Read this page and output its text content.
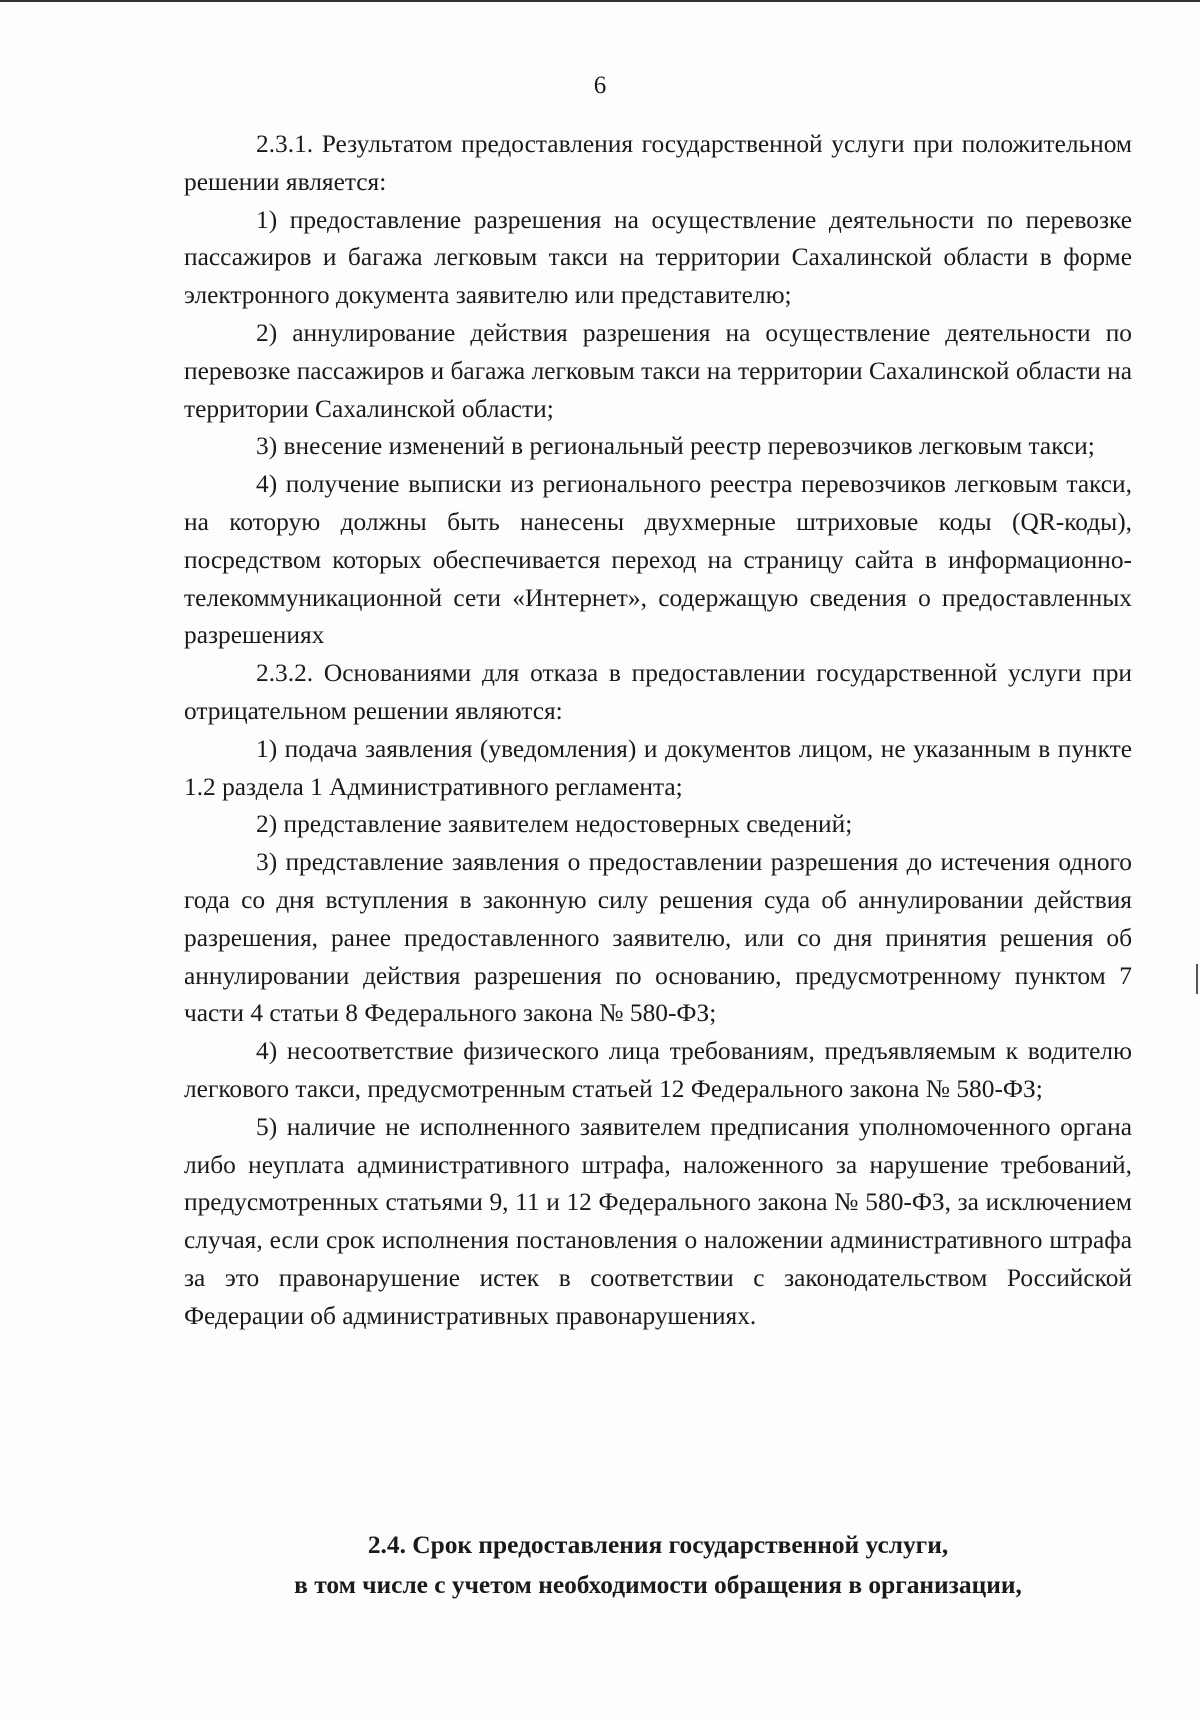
6

2.3.1. Результатом предоставления государственной услуги при положительном решении является:

1) предоставление разрешения на осуществление деятельности по перевозке пассажиров и багажа легковым такси на территории Сахалинской области в форме электронного документа заявителю или представителю;

2) аннулирование действия разрешения на осуществление деятельности по перевозке пассажиров и багажа легковым такси на территории Сахалинской области на территории Сахалинской области;

3) внесение изменений в региональный реестр перевозчиков легковым такси;

4) получение выписки из регионального реестра перевозчиков легковым такси, на которую должны быть нанесены двухмерные штриховые коды (QR-коды), посредством которых обеспечивается переход на страницу сайта в информационно-телекоммуникационной сети «Интернет», содержащую сведения о предоставленных разрешениях

2.3.2. Основаниями для отказа в предоставлении государственной услуги при отрицательном решении являются:

1) подача заявления (уведомления) и документов лицом, не указанным в пункте 1.2 раздела 1 Административного регламента;

2) представление заявителем недостоверных сведений;

3) представление заявления о предоставлении разрешения до истечения одного года со дня вступления в законную силу решения суда об аннулировании действия разрешения, ранее предоставленного заявителю, или со дня принятия решения об аннулировании действия разрешения по основанию, предусмотренному пунктом 7 части 4 статьи 8 Федерального закона № 580-ФЗ;

4) несоответствие физического лица требованиям, предъявляемым к водителю легкового такси, предусмотренным статьей 12 Федерального закона № 580-ФЗ;

5) наличие не исполненного заявителем предписания уполномоченного органа либо неуплата административного штрафа, наложенного за нарушение требований, предусмотренных статьями 9, 11 и 12 Федерального закона № 580-ФЗ, за исключением случая, если срок исполнения постановления о наложении административного штрафа за это правонарушение истек в соответствии с законодательством Российской Федерации об административных правонарушениях.

2.4. Срок предоставления государственной услуги,
в том числе с учетом необходимости обращения в организации,
